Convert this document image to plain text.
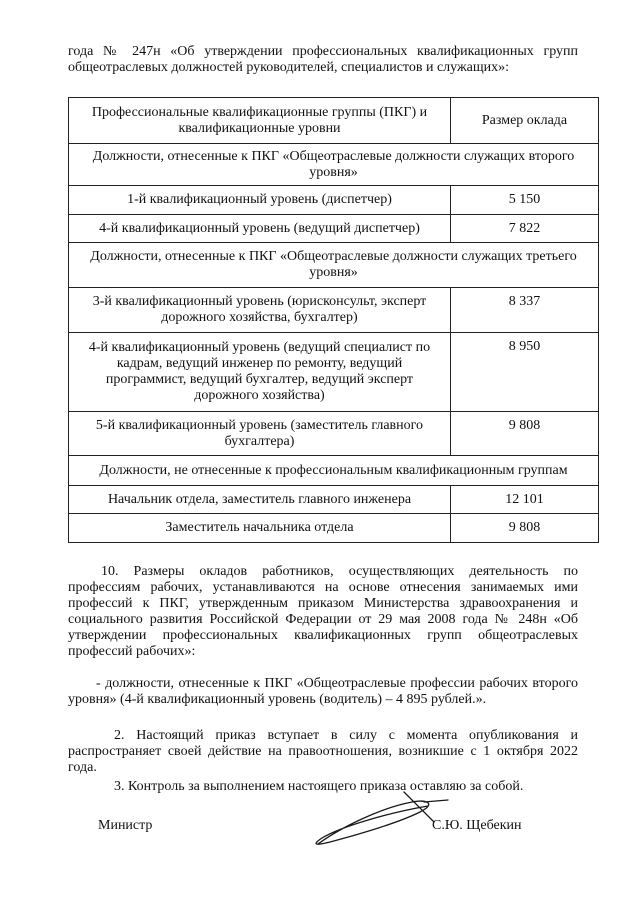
года № 247н «Об утверждении профессиональных квалификационных групп
общеотраслевых должностей руководителей, специалистов и служащих»:
Профессиональные квалификационные группы (ПКГ) и квалификационные уровни	Размер оклада
Должности, отнесенные к ПКГ «Общеотраслевые должности служащих второго уровня»	
1-й квалификационный уровень (диспетчер)	5 150
4-й квалификационный уровень (ведущий диспетчер)	7 822
Должности, отнесенные к ПКГ «Общеотраслевые должности служащих третьего уровня»	
3-й квалификационный уровень (юрисконсульт, эксперт дорожного хозяйства, бухгалтер)	8 337
4-й квалификационный уровень (ведущий специалист по кадрам, ведущий инженер по ремонту, ведущий программист, ведущий бухгалтер, ведущий эксперт дорожного хозяйства)	8 950
5-й квалификационный уровень (заместитель главного бухгалтера)	9 808
Должности, не отнесенные к профессиональным квалификационным группам	
Начальник отдела, заместитель главного инженера	12 101
Заместитель начальника отдела	9 808

10. Размеры окладов работников, осуществляющих деятельность по профессиям рабочих, устанавливаются на основе отнесения занимаемых ими профессий к ПКГ, утвержденным приказом Министерства здравоохранения и социального развития Российской Федерации от 29 мая 2008 года № 248н «Об утверждении профессиональных квалификационных групп общеотраслевых профессий рабочих»:

- должности, отнесенные к ПКГ «Общеотраслевые профессии рабочих второго уровня» (4-й квалификационный уровень (водитель) – 4 895 рублей.».

2. Настоящий приказ вступает в силу с момента опубликования и распространяет своей действие на правоотношения, возникшие с 1 октября 2022 года.

3. Контроль за выполнением настоящего приказа оставляю за собой.

Министр	С.Ю. Щебекин
